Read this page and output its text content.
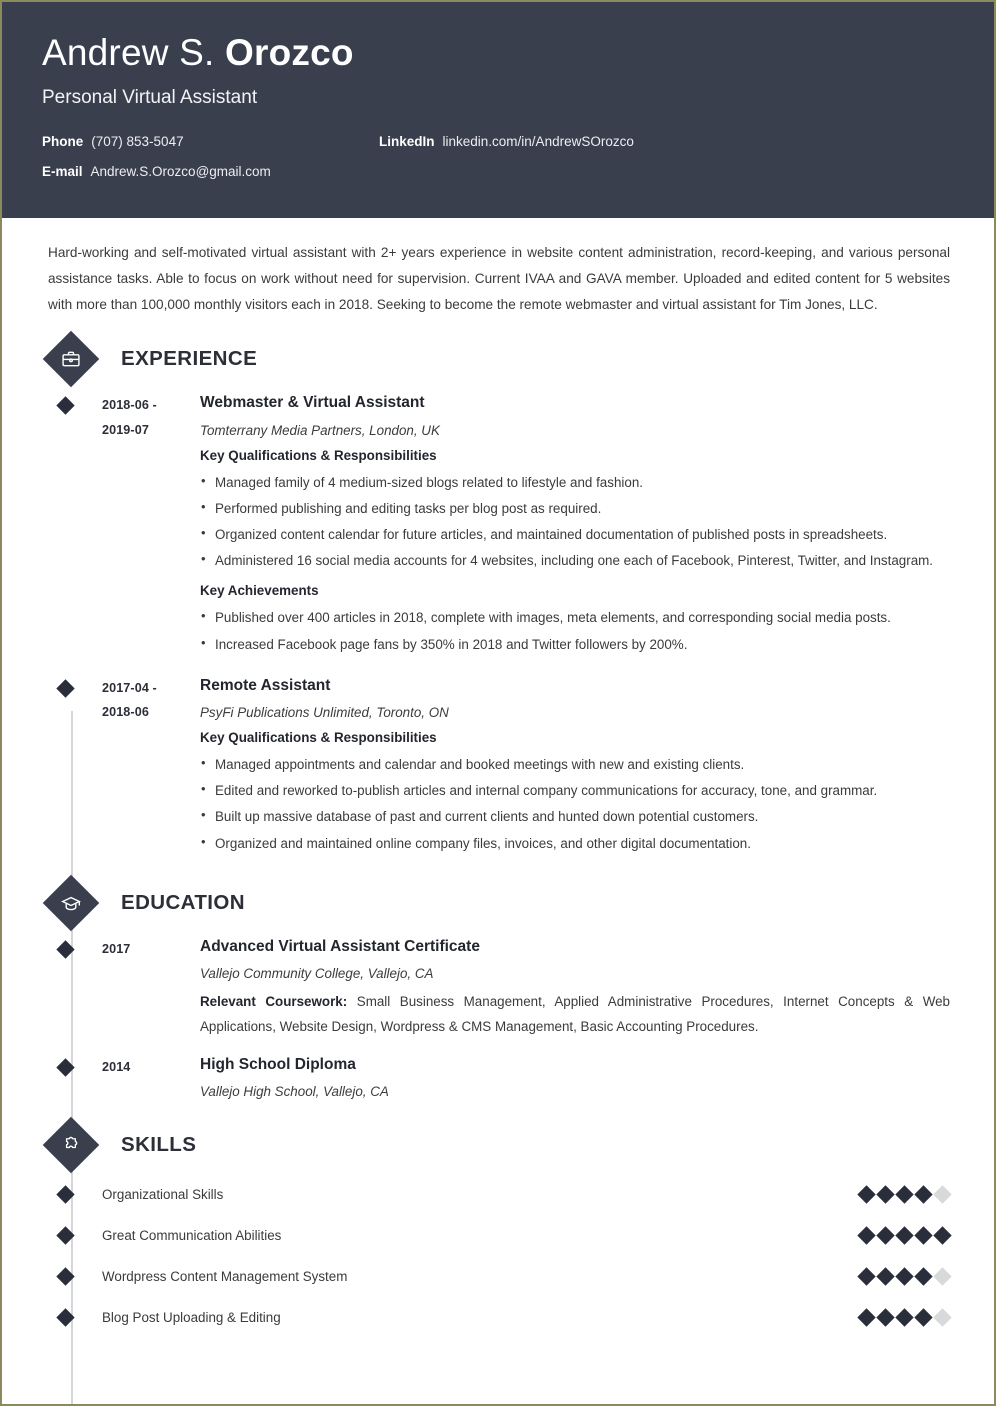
Andrew S. Orozco
Personal Virtual Assistant
Phone (707) 853-5047	LinkedIn linkedin.com/in/AndrewSOrozco
E-mail Andrew.S.Orozco@gmail.com
Hard-working and self-motivated virtual assistant with 2+ years experience in website content administration, record-keeping, and various personal assistance tasks. Able to focus on work without need for supervision. Current IVAA and GAVA member. Uploaded and edited content for 5 websites with more than 100,000 monthly visitors each in 2018. Seeking to become the remote webmaster and virtual assistant for Tim Jones, LLC.
EXPERIENCE
2018-06 -
2019-07
Webmaster & Virtual Assistant
Tomterrany Media Partners, London, UK
Key Qualifications & Responsibilities
• Managed family of 4 medium-sized blogs related to lifestyle and fashion.
• Performed publishing and editing tasks per blog post as required.
• Organized content calendar for future articles, and maintained documentation of published posts in spreadsheets.
• Administered 16 social media accounts for 4 websites, including one each of Facebook, Pinterest, Twitter, and Instagram.
Key Achievements
• Published over 400 articles in 2018, complete with images, meta elements, and corresponding social media posts.
• Increased Facebook page fans by 350% in 2018 and Twitter followers by 200%.
2017-04 -
2018-06
Remote Assistant
PsyFi Publications Unlimited, Toronto, ON
Key Qualifications & Responsibilities
• Managed appointments and calendar and booked meetings with new and existing clients.
• Edited and reworked to-publish articles and internal company communications for accuracy, tone, and grammar.
• Built up massive database of past and current clients and hunted down potential customers.
• Organized and maintained online company files, invoices, and other digital documentation.
EDUCATION
2017	Advanced Virtual Assistant Certificate
Vallejo Community College, Vallejo, CA
Relevant Coursework: Small Business Management, Applied Administrative Procedures, Internet Concepts & Web Applications, Website Design, Wordpress & CMS Management, Basic Accounting Procedures.
2014	High School Diploma
Vallejo High School, Vallejo, CA
SKILLS
Organizational Skills
Great Communication Abilities
Wordpress Content Management System
Blog Post Uploading & Editing
